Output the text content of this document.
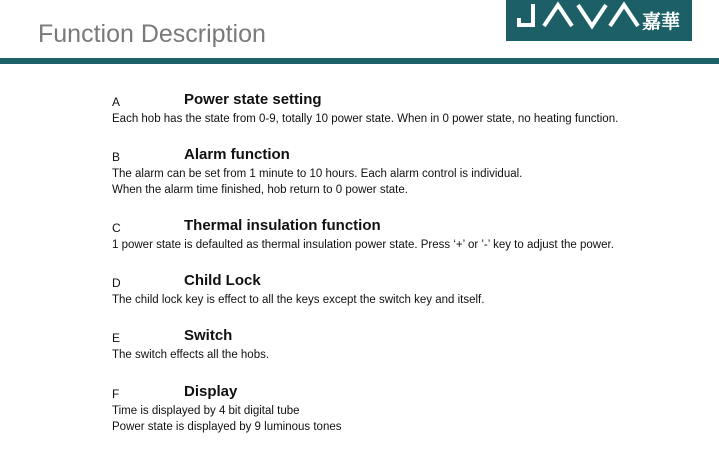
Function Description	嘉華
A	Power state setting
Each hob has the state from 0-9, totally 10 power state. When in 0 power state, no heating function.
B	Alarm function
The alarm can be set from 1 minute to 10 hours. Each alarm control is individual.
When the alarm time finished, hob return to 0 power state.
C	Thermal insulation function
1 power state is defaulted as thermal insulation power state. Press ‘+’ or ’-’ key to adjust the power.
D	Child Lock
The child lock key is effect to all the keys except the switch key and itself.
E	Switch
The switch effects all the hobs.
F	Display
Time is displayed by 4 bit digital tube
Power state is displayed by 9 luminous tones
